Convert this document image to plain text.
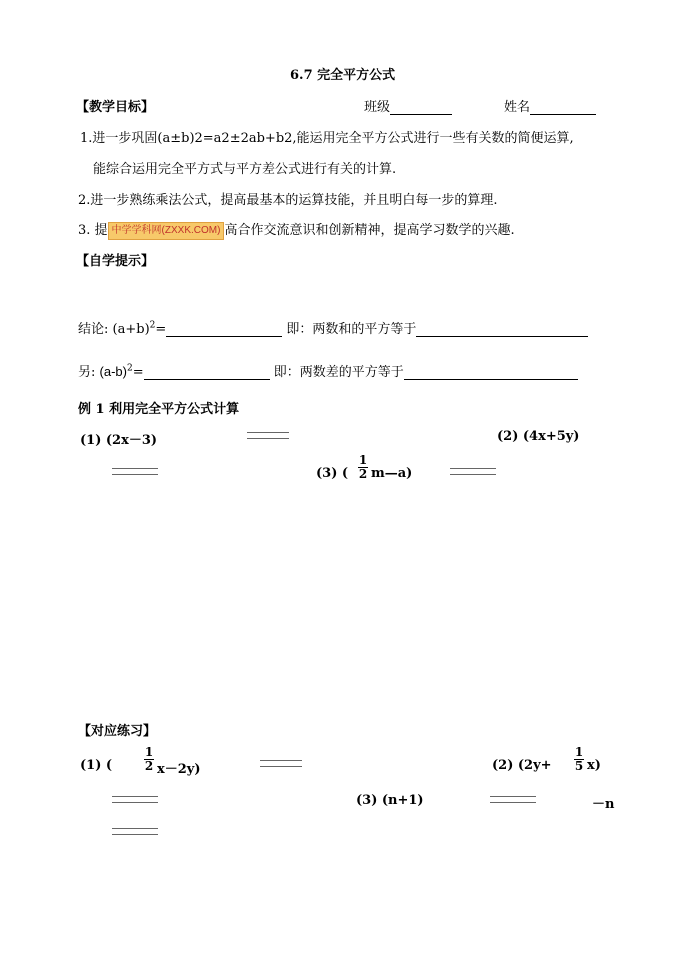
6.7 完全平方公式
【教学目标】	班级	姓名
1.进一步巩固(a±b)2=a2±2ab+b2,能运用完全平方公式进行一些有关数的简便运算,
能综合运用完全平方式与平方差公式进行有关的计算.
2.进一步熟练乘法公式，提高最基本的运算技能，并且明白每一步的算理.
3. 提 中学学科网(ZXXK.COM) 高合作交流意识和创新精神，提高学习数学的兴趣.
【自学提示】
结论: $(a+b)^2=$	即：两数和的平方等于
另: $(a-b)^2=$	即：两数差的平方等于
例 1 利用完全平方公式计算
(1) (2x－3)	(2) (4x+5y)
(3) (
1
2 m—a)
【对应练习】
(1) (
1
2 x－2y)	(2) (2y+
1
5 x)
(3) (n+1)	－n
